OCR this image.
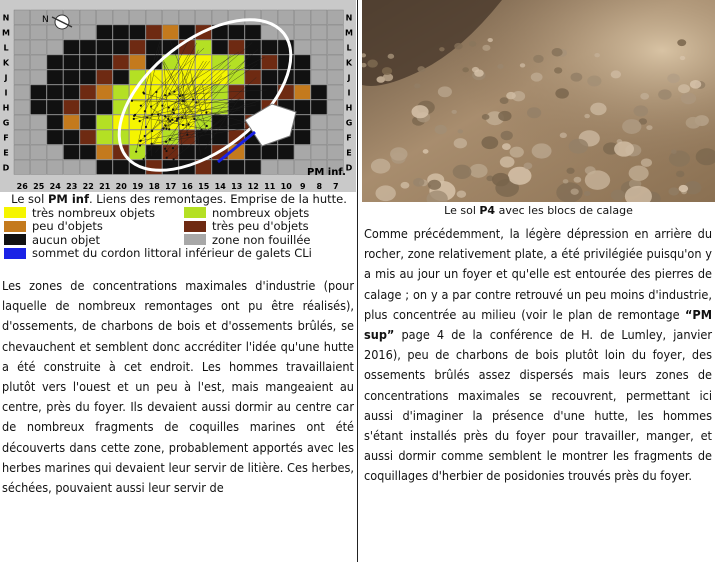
N
26 25 24 23 22 21 20 19 18 17 16 15 14 13 12 11 10 9 8 7
N	N
M	M
L	L
K	K
J	J
I	I
H	H
G	G
F	F
E	E
D	D
PM inf.
Le sol PM inf. Liens des remontages. Emprise de la hutte.
très nombreux objets	nombreux objets
peu d'objets	très peu d'objets
aucun objet	zone non fouillée
sommet du cordon littoral inférieur de galets CLi
Les zones de concentrations maximales d'industrie (pour laquelle de nombreux remontages ont pu être réalisés), d'ossements, de charbons de bois et d'ossements brûlés, se chevauchent et semblent donc accréditer l'idée qu'une hutte a été construite à cet endroit. Les hommes travaillaient plutôt vers l'ouest et un peu à l'est, mais mangeaient au centre, près du foyer. Ils devaient aussi dormir au centre car de nombreux fragments de coquilles marines ont été découverts dans cette zone, probablement apportés avec les herbes marines qui devaient leur servir de litière. Ces herbes, séchées, pouvaient aussi leur servir de
Le sol P4 avec les blocs de calage
Comme précédemment, la légère dépression en arrière du rocher, zone relativement plate, a été privilégiée puisqu'on y a mis au jour un foyer et qu'elle est entourée des pierres de calage ; on y a par contre retrouvé un peu moins d'industrie, plus concentrée au milieu (voir le plan de remontage “PM sup” page 4 de la conférence de H. de Lumley, janvier 2016), peu de charbons de bois plutôt loin du foyer, des ossements brûlés assez dispersés mais leurs zones de concentrations maximales se recouvrent, permettant ici aussi d'imaginer la présence d'une hutte, les hommes s'étant installés près du foyer pour travailler, manger, et aussi dormir comme semblent le montrer les fragments de coquillages d'herbier de posidonies trouvés près du foyer.
